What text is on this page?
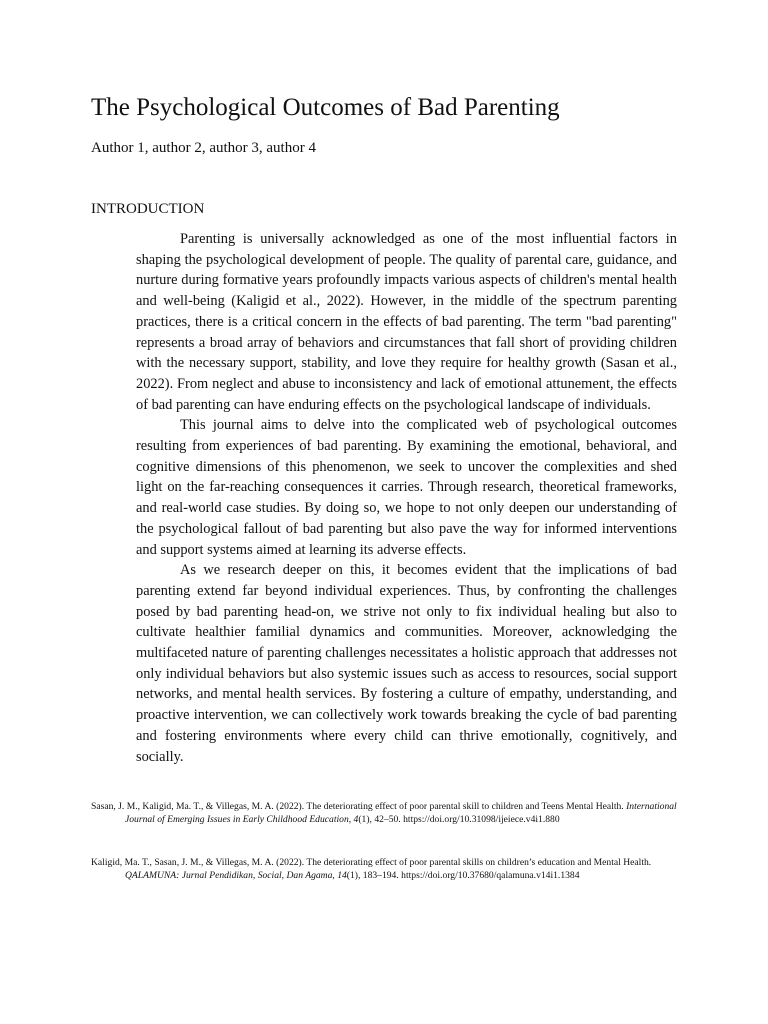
The Psychological Outcomes of Bad Parenting
Author 1, author 2, author 3, author 4
INTRODUCTION

Parenting is universally acknowledged as one of the most influential factors in shaping the psychological development of people. The quality of parental care, guidance, and nurture during formative years profoundly impacts various aspects of children's mental health and well-being (Kaligid et al., 2022). However, in the middle of the spectrum parenting practices, there is a critical concern in the effects of bad parenting. The term "bad parenting" represents a broad array of behaviors and circumstances that fall short of providing children with the necessary support, stability, and love they require for healthy growth (Sasan et al., 2022). From neglect and abuse to inconsistency and lack of emotional attunement, the effects of bad parenting can have enduring effects on the psychological landscape of individuals.

This journal aims to delve into the complicated web of psychological outcomes resulting from experiences of bad parenting. By examining the emotional, behavioral, and cognitive dimensions of this phenomenon, we seek to uncover the complexities and shed light on the far-reaching consequences it carries. Through research, theoretical frameworks, and real-world case studies. By doing so, we hope to not only deepen our understanding of the psychological fallout of bad parenting but also pave the way for informed interventions and support systems aimed at learning its adverse effects.

As we research deeper on this, it becomes evident that the implications of bad parenting extend far beyond individual experiences. Thus, by confronting the challenges posed by bad parenting head-on, we strive not only to fix individual healing but also to cultivate healthier familial dynamics and communities. Moreover, acknowledging the multifaceted nature of parenting challenges necessitates a holistic approach that addresses not only individual behaviors but also systemic issues such as access to resources, social support networks, and mental health services. By fostering a culture of empathy, understanding, and proactive intervention, we can collectively work towards breaking the cycle of bad parenting and fostering environments where every child can thrive emotionally, cognitively, and socially.

Sasan, J. M., Kaligid, Ma. T., & Villegas, M. A. (2022). The deteriorating effect of poor parental skill to children and Teens Mental Health. International Journal of Emerging Issues in Early Childhood Education, 4(1), 42–50. https://doi.org/10.31098/ijeiece.v4i1.880

Kaligid, Ma. T., Sasan, J. M., & Villegas, M. A. (2022). The deteriorating effect of poor parental skills on children’s education and Mental Health. QALAMUNA: Jurnal Pendidikan, Social, Dan Agama, 14(1), 183–194. https://doi.org/10.37680/qalamuna.v14i1.1384
